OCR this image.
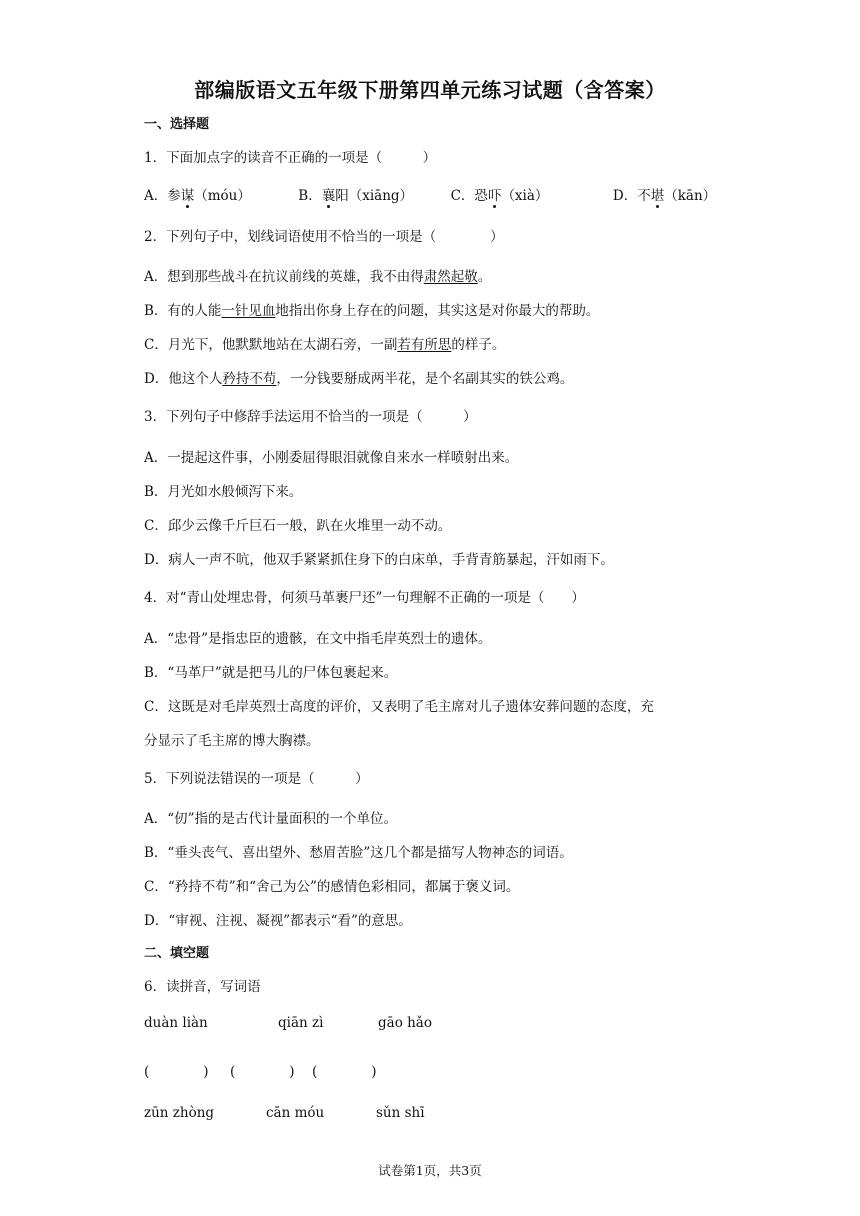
部编版语文五年级下册第四单元练习试题（含答案）
一、选择题
1．下面加点字的读音不正确的一项是（　　　）
A．参谋（móu）	B．襄阳（xiāng）	C．恐吓（xià）	D．不堪（kān）
2．下列句子中，划线词语使用不恰当的一项是（　　　　）
A．想到那些战斗在抗议前线的英雄，我不由得肃然起敬。
B．有的人能一针见血地指出你身上存在的问题，其实这是对你最大的帮助。
C．月光下，他默默地站在太湖石旁，一副若有所思的样子。
D．他这个人矜持不苟，一分钱要掰成两半花，是个名副其实的铁公鸡。
3．下列句子中修辞手法运用不恰当的一项是（　　　）
A．一提起这件事，小刚委屈得眼泪就像自来水一样喷射出来。
B．月光如水般倾泻下来。
C．邱少云像千斤巨石一般，趴在火堆里一动不动。
D．病人一声不吭，他双手紧紧抓住身下的白床单，手背青筋暴起，汗如雨下。
4．对“青山处埋忠骨，何须马革裹尸还”一句理解不正确的一项是（　　）
A．“忠骨”是指忠臣的遗骸，在文中指毛岸英烈士的遗体。
B．“马革尸”就是把马儿的尸体包裹起来。
C．这既是对毛岸英烈士高度的评价，又表明了毛主席对儿子遗体安葬问题的态度，充
分显示了毛主席的博大胸襟。
5．下列说法错误的一项是（　　　）
A．“仞”指的是古代计量面积的一个单位。
B．“垂头丧气、喜出望外、愁眉苦脸”这几个都是描写人物神态的词语。
C．“矜持不苟”和“舍己为公”的感情色彩相同，都属于褒义词。
D．“审视、注视、凝视”都表示“看”的意思。
二、填空题
6．读拼音，写词语
duàn liàn	qiān zì	gāo hǎo
(　　　　) (　　　　) (　　　　)
zūn zhòng	cān móu	sǔn shī
试卷第1页，共3页
